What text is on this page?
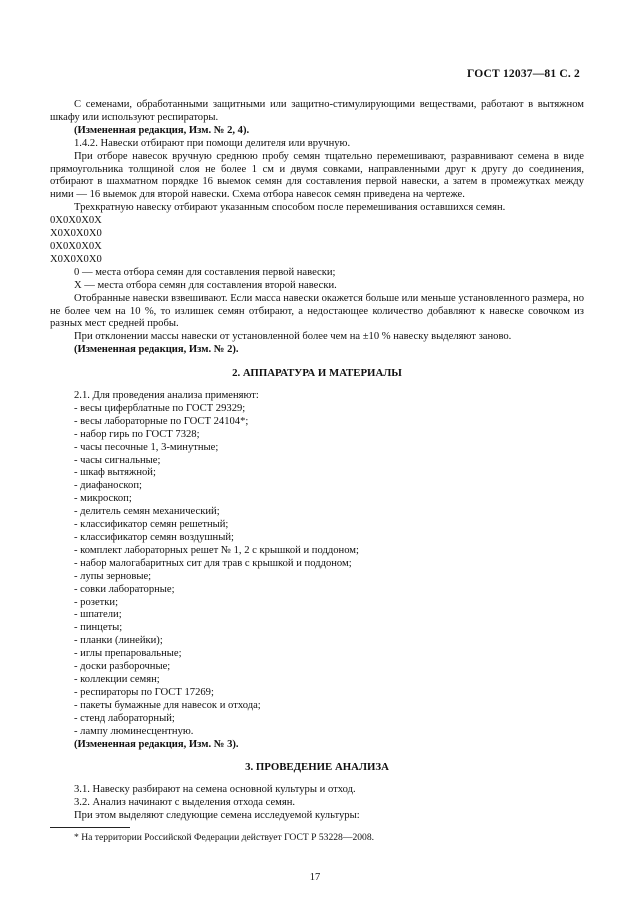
ГОСТ 12037—81 С. 2

С семенами, обработанными защитными или защитно-стимулирующими веществами, работают в вытяжном шкафу или используют респираторы.

(Измененная редакция, Изм. № 2, 4).

1.4.2. Навески отбирают при помощи делителя или вручную.

При отборе навесок вручную среднюю пробу семян тщательно перемешивают, разравнивают семена в виде прямоугольника толщиной слоя не более 1 см и двумя совками, направленными друг к другу до соединения, отбирают в шахматном порядке 16 выемок семян для составления первой навески, а затем в промежутках между ними — 16 выемок для второй навески. Схема отбора навесок семян приведена на чертеже.

Трехкратную навеску отбирают указанным способом после перемешивания оставшихся семян.

0Х0Х0Х0Х

Х0Х0Х0Х0

0Х0Х0Х0Х

Х0Х0Х0Х0

0 — места отбора семян для составления первой навески;

Х — места отбора семян для составления второй навески.

Отобранные навески взвешивают. Если масса навески окажется больше или меньше установленного размера, но не более чем на 10 %, то излишек семян отбирают, а недостающее количество добавляют к навеске совочком из разных мест средней пробы.

При отклонении массы навески от установленной более чем на ±10 % навеску выделяют заново.

(Измененная редакция, Изм. № 2).

2. АППАРАТУРА И МАТЕРИАЛЫ

2.1. Для проведения анализа применяют:

- весы циферблатные по ГОСТ 29329;
- весы лабораторные по ГОСТ 24104*;
- набор гирь по ГОСТ 7328;
- часы песочные 1, 3-минутные;
- часы сигнальные;
- шкаф вытяжной;
- диафаноскоп;
- микроскоп;
- делитель семян механический;
- классификатор семян решетный;
- классификатор семян воздушный;
- комплект лабораторных решет № 1, 2 с крышкой и поддоном;
- набор малогабаритных сит для трав с крышкой и поддоном;
- лупы зерновые;
- совки лабораторные;
- розетки;
- шпатели;
- пинцеты;
- планки (линейки);
- иглы препаровальные;
- доски разборочные;
- коллекции семян;
- респираторы по ГОСТ 17269;
- пакеты бумажные для навесок и отхода;
- стенд лабораторный;
- лампу люминесцентную.

(Измененная редакция, Изм. № 3).

3. ПРОВЕДЕНИЕ АНАЛИЗА

3.1. Навеску разбирают на семена основной культуры и отход.

3.2. Анализ начинают с выделения отхода семян.

При этом выделяют следующие семена исследуемой культуры:

* На территории Российской Федерации действует ГОСТ Р 53228—2008.
17
